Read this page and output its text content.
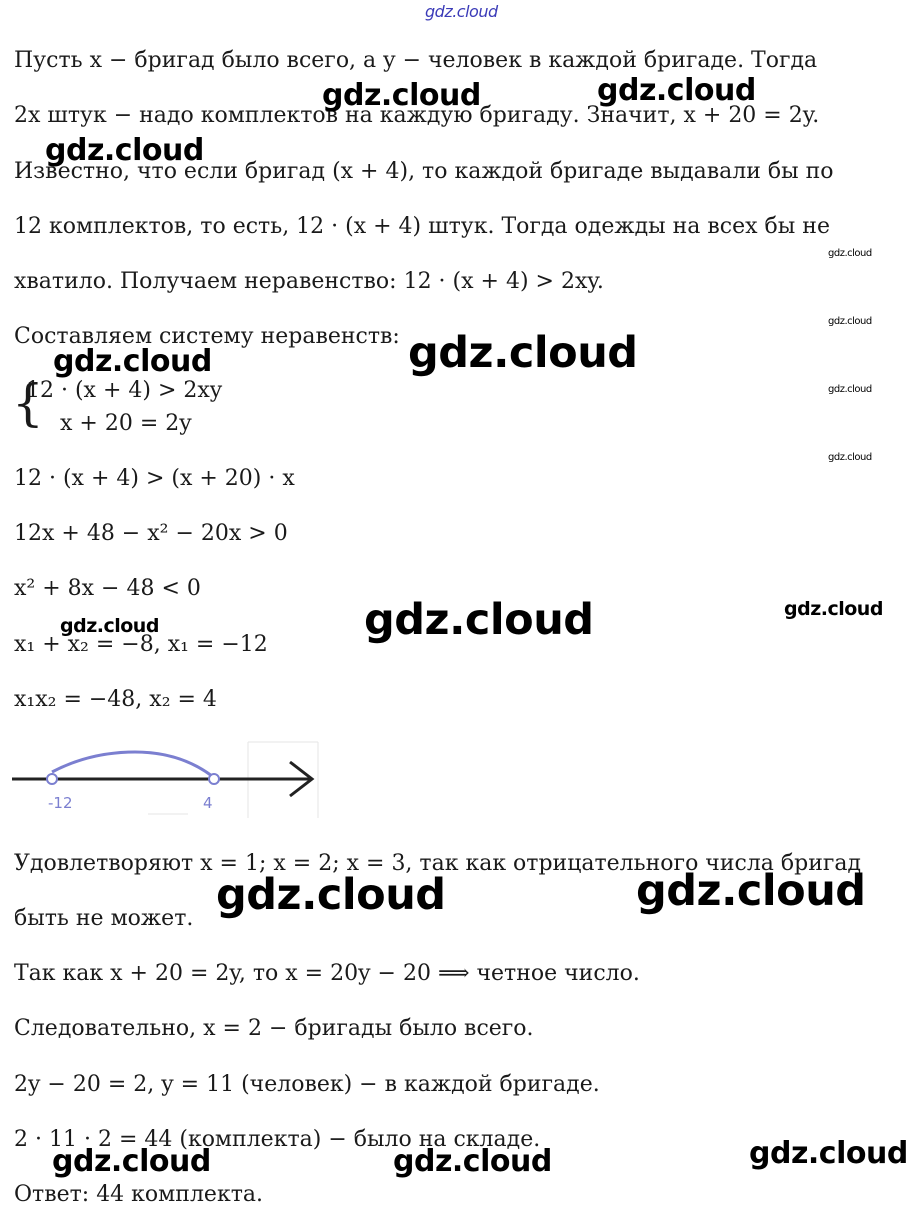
Пусть x − бригад было всего, а y − человек в каждой бригаде. Тогда
2x штук − надо комплектов на каждую бригаду. Значит, x + 20 = 2y.
Известно, что если бригад (x + 4), то каждой бригаде выдавали бы по
12 комплектов, то есть, 12 · (x + 4) штук. Тогда одежды на всех бы не
хватило. Получаем неравенство: 12 · (x + 4) > 2xy.
Составляем систему неравенств:
{
12 · (x + 4) > 2xy
x + 20 = 2y
12 · (x + 4) > (x + 20) · x
12x + 48 − x² − 20x > 0
x² + 8x − 48 < 0
x₁ + x₂ = −8, x₁ = −12
x₁x₂ = −48, x₂ = 4
-12	4
Удовлетворяют x = 1; x = 2; x = 3, так как отрицательного числа бригад
быть не может.
Так как x + 20 = 2y, то x = 20y − 20 ⟹ четное число.
Следовательно, x = 2 − бригады было всего.
2y − 20 = 2, y = 11 (человек) − в каждой бригаде.
2 · 11 · 2 = 44 (комплекта) − было на складе.
Ответ: 44 комплекта.
gdz.cloud
gdz.cloud	gdz.cloud
gdz.cloud
gdz.cloud
gdz.cloud
gdz.cloud
gdz.cloud
gdz.cloud
gdz.cloud
gdz.cloud	gdz.cloud
gdz.cloud
gdz.cloud	gdz.cloud
gdz.cloud	gdz.cloud	gdz.cloud
